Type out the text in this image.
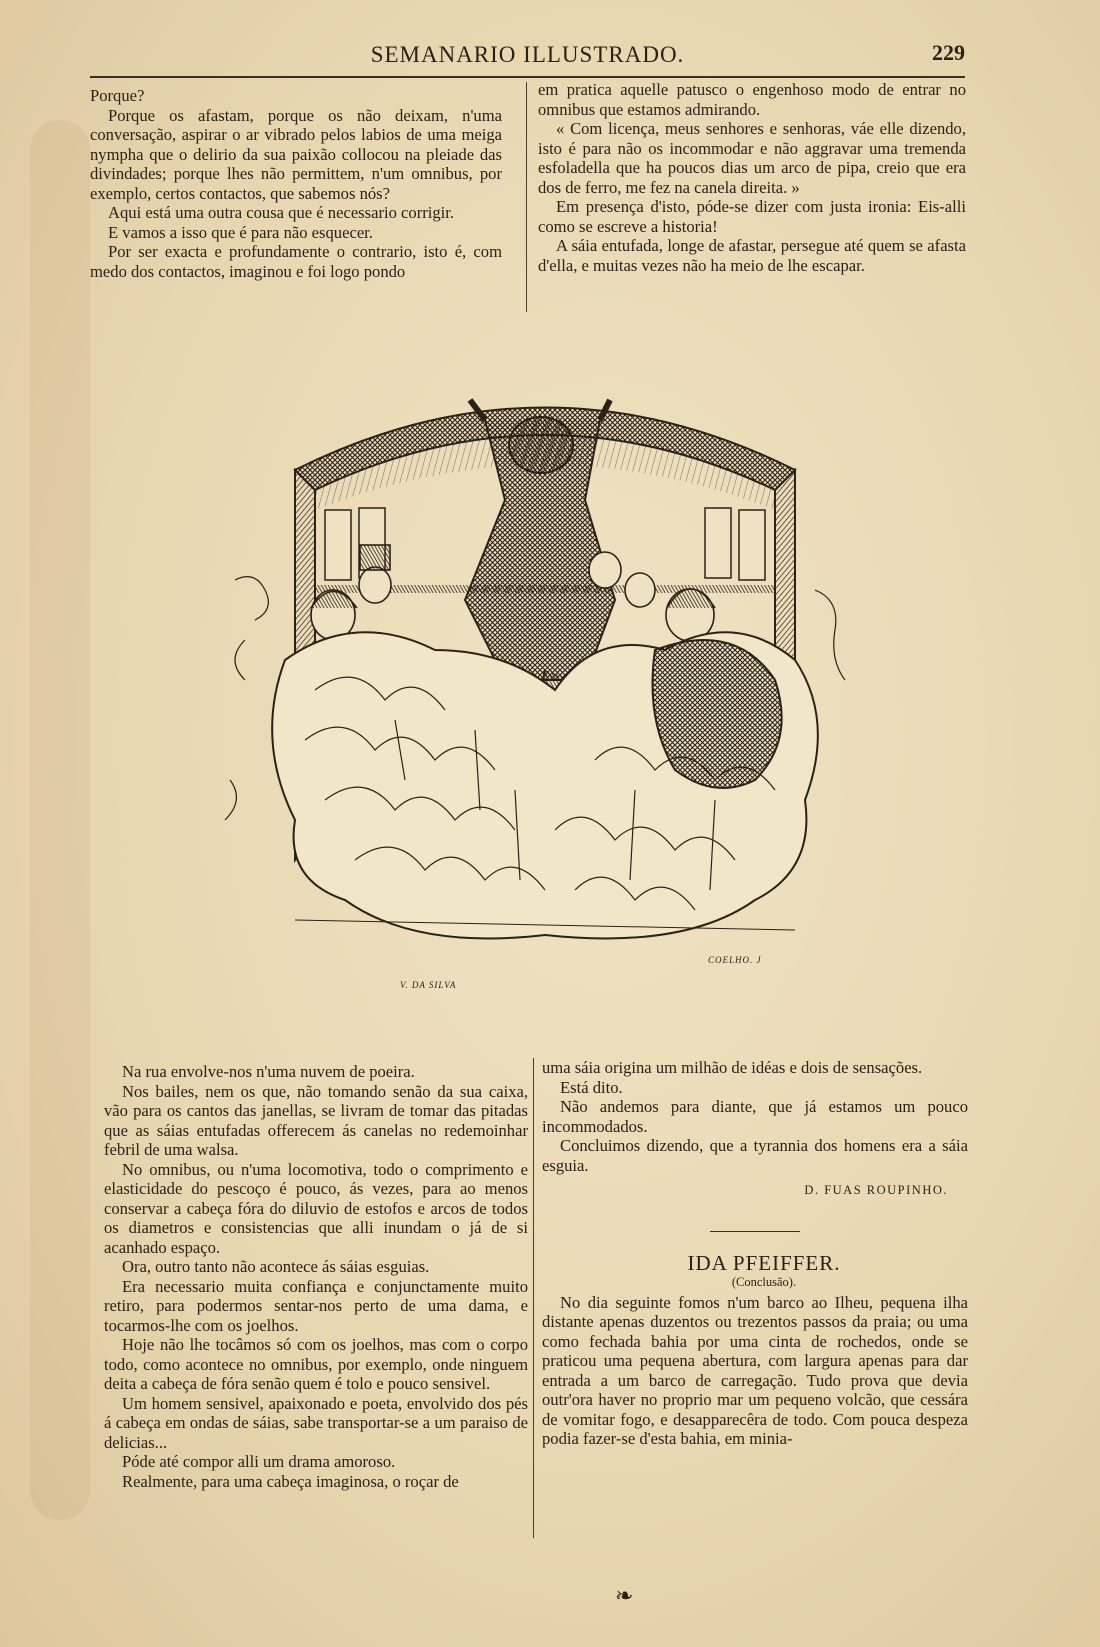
SEMANARIO ILLUSTRADO.	229

Porque?

Porque os afastam, porque os não deixam, n'uma conversação, aspirar o ar vibrado pelos labios de uma meiga nympha que o delirio da sua paixão collocou na pleiade das divindades; porque lhes não permittem, n'um omnibus, por exemplo, certos contactos, que sabemos nós?

Aqui está uma outra cousa que é necessario corrigir.

E vamos a isso que é para não esquecer.

Por ser exacta e profundamente o contrario, isto é, com medo dos contactos, imaginou e foi logo pondo

em pratica aquelle patusco o engenhoso modo de entrar no omnibus que estamos admirando.

« Com licença, meus senhores e senhoras, váe elle dizendo, isto é para não os incommodar e não aggravar uma tremenda esfoladella que ha poucos dias um arco de pipa, creio que era dos de ferro, me fez na canela direita. »

Em presença d'isto, póde-se dizer com justa ironia: Eis-alli como se escreve a historia!

A sáia entufada, longe de afastar, persegue até quem se afasta d'ella, e muitas vezes não ha meio de lhe escapar.

V. DA SILVA
COELHO. J

Na rua envolve-nos n'uma nuvem de poeira.

Nos bailes, nem os que, não tomando senão da sua caixa, vão para os cantos das janellas, se livram de tomar das pitadas que as sáias entufadas offerecem ás canelas no redemoinhar febril de uma walsa.

No omnibus, ou n'uma locomotiva, todo o comprimento e elasticidade do pescoço é pouco, ás vezes, para ao menos conservar a cabeça fóra do diluvio de estofos e arcos de todos os diametros e consistencias que alli inundam o já de si acanhado espaço.

Ora, outro tanto não acontece ás sáias esguias.

Era necessario muita confiança e conjunctamente muito retiro, para podermos sentar-nos perto de uma dama, e tocarmos-lhe com os joelhos.

Hoje não lhe tocâmos só com os joelhos, mas com o corpo todo, como acontece no omnibus, por exemplo, onde ninguem deita a cabeça de fóra senão quem é tolo e pouco sensivel.

Um homem sensivel, apaixonado e poeta, envolvido dos pés á cabeça em ondas de sáias, sabe transportar-se a um paraiso de delicias...

Póde até compor alli um drama amoroso.

Realmente, para uma cabeça imaginosa, o roçar de

uma sáia origina um milhão de idéas e dois de sensações.

Está dito.

Não andemos para diante, que já estamos um pouco incommodados.

Concluimos dizendo, que a tyrannia dos homens era a sáia esguia.

D. FUAS ROUPINHO.

IDA PFEIFFER.

(Conclusão).

No dia seguinte fomos n'um barco ao Ilheu, pequena ilha distante apenas duzentos ou trezentos passos da praia; ou uma como fechada bahia por uma cinta de rochedos, onde se praticou uma pequena abertura, com largura apenas para dar entrada a um barco de carregação. Tudo prova que devia outr'ora haver no proprio mar um pequeno volcão, que cessára de vomitar fogo, e desapparecêra de todo. Com pouca despeza podia fazer-se d'esta bahia, em minia-

❧
